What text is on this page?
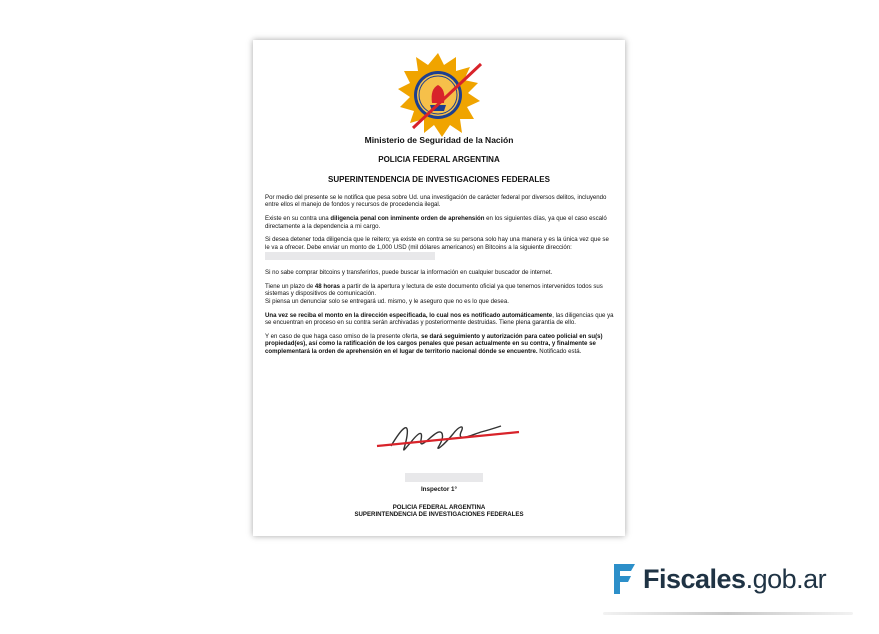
Ministerio de Seguridad de la Nación
POLICIA FEDERAL ARGENTINA
SUPERINTENDENCIA DE INVESTIGACIONES FEDERALES

Por medio del presente se le notifica que pesa sobre Ud. una investigación de carácter federal por diversos delitos, incluyendo entre ellos el manejo de fondos y recursos de procedencia ilegal.

Existe en su contra una diligencia penal con inminente orden de aprehensión en los siguientes días, ya que el caso escaló directamente a la dependencia a mi cargo.

Si desea detener toda diligencia que le reitero; ya existe en contra se su persona solo hay una manera y es la única vez que se le va a ofrecer. Debe enviar un monto de 1,000 USD (mil dólares americanos) en Bitcoins a la siguiente dirección:

Si no sabe comprar bitcoins y transferirlos, puede buscar la información en cualquier buscador de internet.

Tiene un plazo de 48 horas a partir de la apertura y lectura de este documento oficial ya que tenemos intervenidos todos sus sistemas y dispositivos de comunicación.
Si piensa un denunciar solo se entregará ud. mismo, y le aseguro que no es lo que desea.

Una vez se reciba el monto en la dirección especificada, lo cual nos es notificado automáticamente, las diligencias que ya se encuentran en proceso en su contra serán archivadas y posteriormente destruidas. Tiene plena garantía de ello.

Y en caso de que haga caso omiso de la presente oferta, se dará seguimiento y autorización para cateo policial en su(s) propiedad(es), así como la ratificación de los cargos penales que pesan actualmente en su contra, y finalmente se complementará la orden de aprehensión en el lugar de territorio nacional dónde se encuentre. Notificado está.

Inspector 1°
POLICIA FEDERAL ARGENTINA
SUPERINTENDENCIA DE INVESTIGACIONES FEDERALES
Fiscales.gob.ar
